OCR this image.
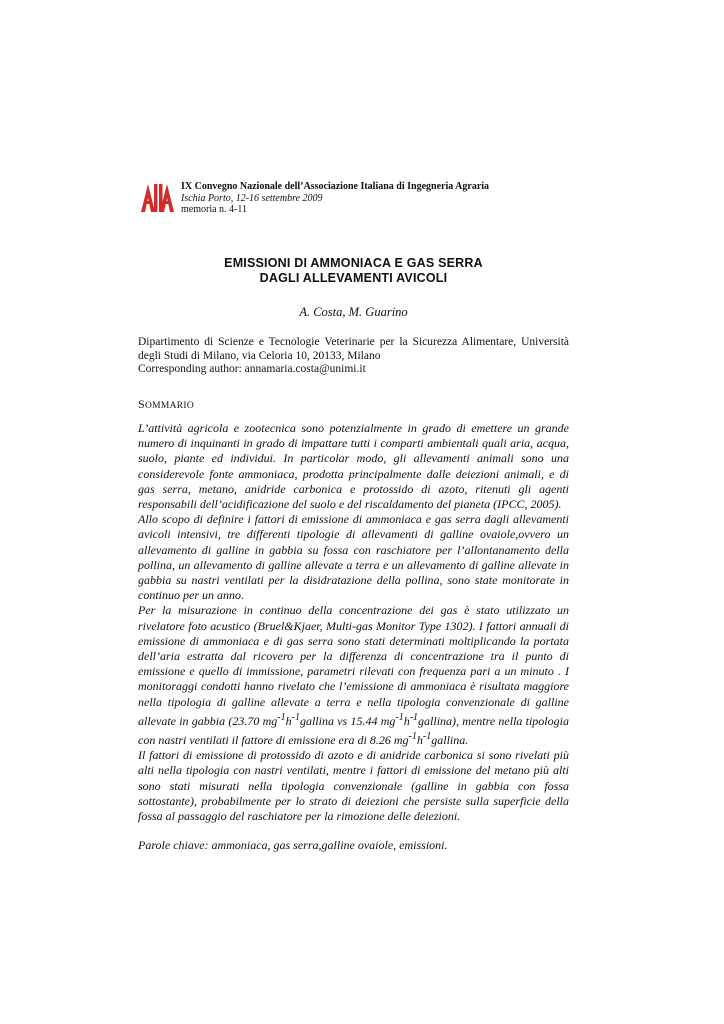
IX Convegno Nazionale dell’Associazione Italiana di Ingegneria Agraria
Ischia Porto, 12-16 settembre 2009
memoria n. 4-11
EMISSIONI DI AMMONIACA E GAS SERRA
DAGLI ALLEVAMENTI AVICOLI
A. Costa, M. Guarino
Dipartimento di Scienze e Tecnologie Veterinarie per la Sicurezza Alimentare, Università degli Studi di Milano, via Celoria 10, 20133, Milano
Corresponding author: annamaria.costa@unimi.it
SOMMARIO

L’attività agricola e zootecnica sono potenzialmente in grado di emettere un grande numero di inquinanti in grado di impattare tutti i comparti ambientali quali aria, acqua, suolo, piante ed individui. In particolar modo, gli allevamenti animali sono una considerevole fonte ammoniaca, prodotta principalmente dalle deiezioni animali, e di gas serra, metano, anidride carbonica e protossido di azoto, ritenuti gli agenti responsabili dell’acidificazione del suolo e del riscaldamento del pianeta (IPCC, 2005).

Allo scopo di definire i fattori di emissione di ammoniaca e gas serra dagli allevamenti avicoli intensivi, tre differenti tipologie di allevamenti di galline ovaiole,ovvero un allevamento di galline in gabbia su fossa con raschiatore per l’allontanamento della pollina, un allevamento di galline allevate a terra e un allevamento di galline allevate in gabbia su nastri ventilati per la disidratazione della pollina, sono state monitorate in continuo per un anno.

Per la misurazione in continuo della concentrazione dei gas è stato utilizzato un rivelatore foto acustico (Bruel&Kjaer, Multi-gas Monitor Type 1302). I fattori annuali di emissione di ammoniaca e di gas serra sono stati determinati moltiplicando la portata dell’aria estratta dal ricovero per la differenza di concentrazione tra il punto di emissione e quello di immissione, parametri rilevati con frequenza pari a un minuto . I monitoraggi condotti hanno rivelato che l’emissione di ammoniaca è risultata maggiore nella tipologia di galline allevate a terra e nella tipologia convenzionale di galline allevate in gabbia (23.70 $mg^{-1}h^{-1}gallina$ vs 15.44 $mg^{-1}h^{-1}gallina$), mentre nella tipologia con nastri ventilati il fattore di emissione era di 8.26 $mg^{-1}h^{-1}gallina$.

Il fattori di emissione di protossido di azoto e di anidride carbonica si sono rivelati più alti nella tipologia con nastri ventilati, mentre i fattori di emissione del metano più alti sono stati misurati nella tipologia convenzionale (galline in gabbia con fossa sottostante), probabilmente per lo strato di deiezioni che persiste sulla superficie della fossa al passaggio del raschiatore per la rimozione delle deiezioni.

Parole chiave: ammoniaca, gas serra,galline ovaiole, emissioni.
